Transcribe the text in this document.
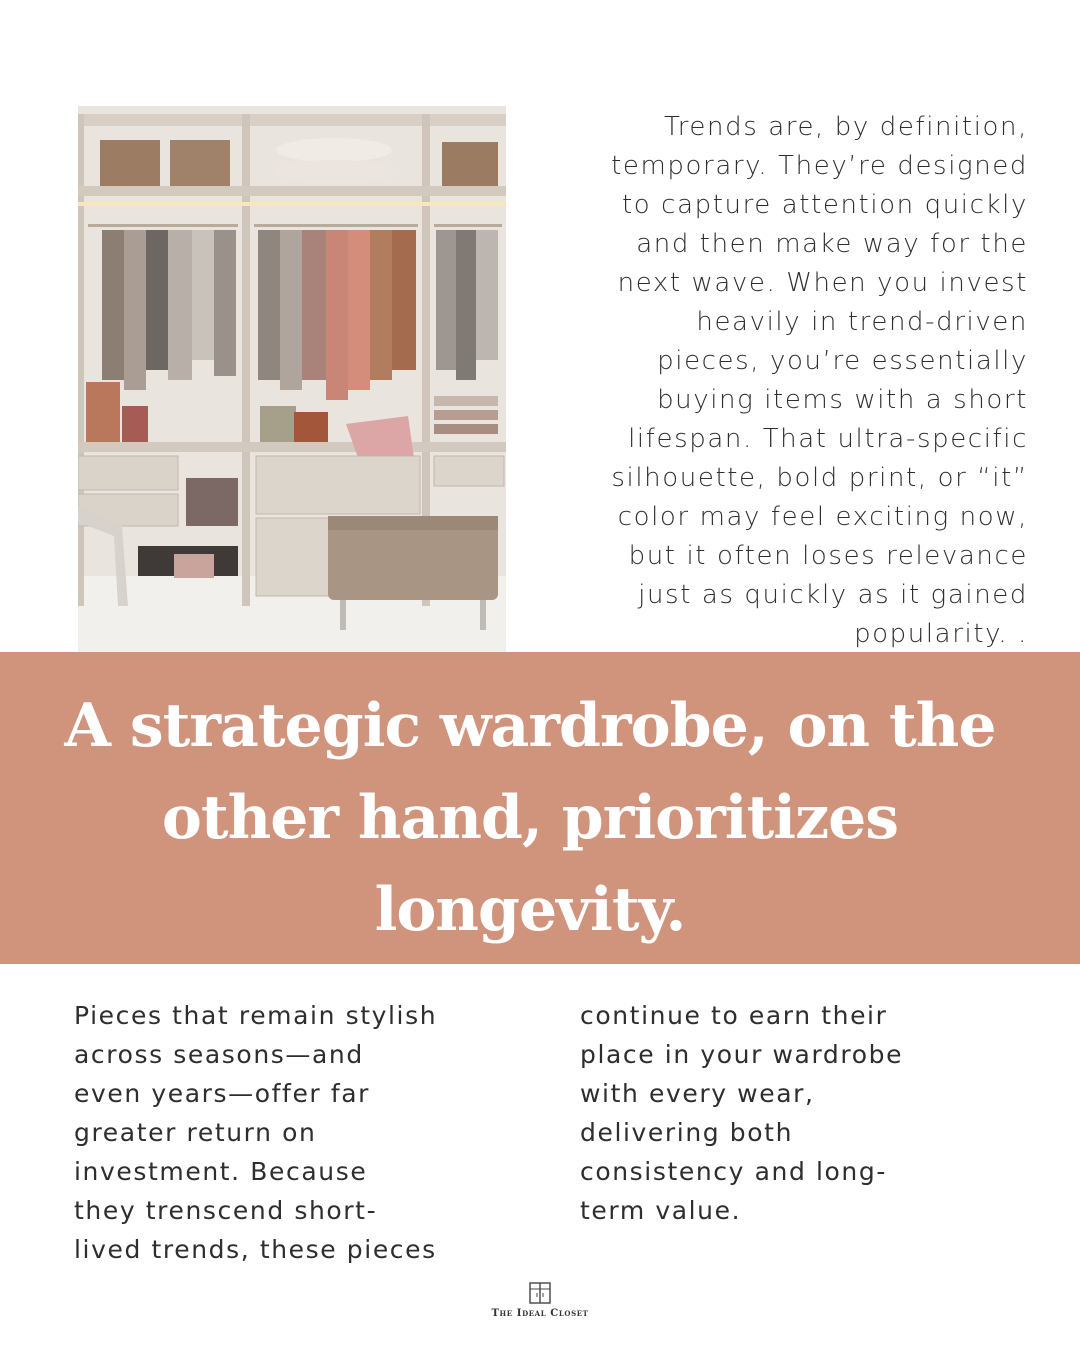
Trends are, by definition,
temporary. They’re designed
to capture attention quickly
and then make way for the
next wave. When you invest
heavily in trend-driven
pieces, you’re essentially
buying items with a short
lifespan. That ultra-specific
silhouette, bold print, or “it”
color may feel exciting now,
but it often loses relevance
just as quickly as it gained
popularity. .
A strategic wardrobe, on the
other hand, prioritizes
longevity.
Pieces that remain stylish
across seasons—and
even years—offer far
greater return on
investment. Because
they trenscend short-
lived trends, these pieces
continue to earn their
place in your wardrobe
with every wear,
delivering both
consistency and long-
term value.
The Ideal Closet
